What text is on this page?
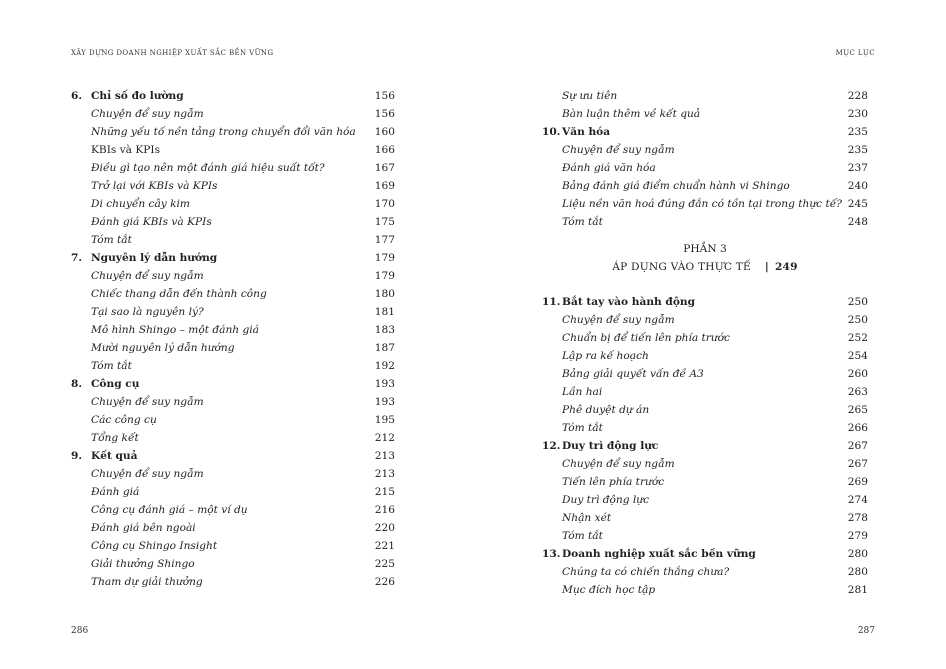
XÂY DỰNG DOANH NGHIỆP XUẤT SẮC BỀN VỮNG
6. Chỉ số đo lường	156
Chuyện để suy ngẫm	156
Những yếu tố nền tảng trong chuyển đổi văn hóa 160
KBIs và KPIs	166
Điều gì tạo nên một đánh giá hiệu suất tốt?	167
Trở lại với KBIs và KPIs	169
Di chuyển cây kim	170
Đánh giá KBIs và KPIs	175
Tóm tắt	177
7. Nguyên lý dẫn hướng	179
Chuyện để suy ngẫm	179
Chiếc thang dẫn đến thành công	180
Tại sao là nguyên lý?	181
Mô hình Shingo – một đánh giá	183
Mười nguyên lý dẫn hướng	187
Tóm tắt	192
8. Công cụ	193
Chuyện để suy ngẫm	193
Các công cụ	195
Tổng kết	212
9. Kết quả	213
Chuyện để suy ngẫm	213
Đánh giá	215
Công cụ đánh giá – một ví dụ	216
Đánh giá bên ngoài	220
Công cụ Shingo Insight	221
Giải thưởng Shingo	225
Tham dự giải thưởng	226
286
MỤC LỤC
287
Sự ưu tiên	228
Bàn luận thêm về kết quả	230
10. Văn hóa	235
Chuyện để suy ngẫm	235
Đánh giá văn hóa	237
Bảng đánh giá điểm chuẩn hành vi Shingo	240
Liệu nền văn hoá đúng đắn có tồn tại trong thực tế? 245
Tóm tắt	248
PHẦN 3
ÁP DỤNG VÀO THỰC TẾ | 249
11. Bắt tay vào hành động	250
Chuyện để suy ngẫm	250
Chuẩn bị để tiến lên phía trước	252
Lập ra kế hoạch	254
Bảng giải quyết vấn đề A3	260
Lần hai	263
Phê duyệt dự án	265
Tóm tắt	266
12. Duy trì động lực	267
Chuyện để suy ngẫm	267
Tiến lên phía trước	269
Duy trì động lực	274
Nhận xét	278
Tóm tắt	279
13. Doanh nghiệp xuất sắc bền vững	280
Chúng ta có chiến thắng chưa?	280
Mục đích học tập	281
